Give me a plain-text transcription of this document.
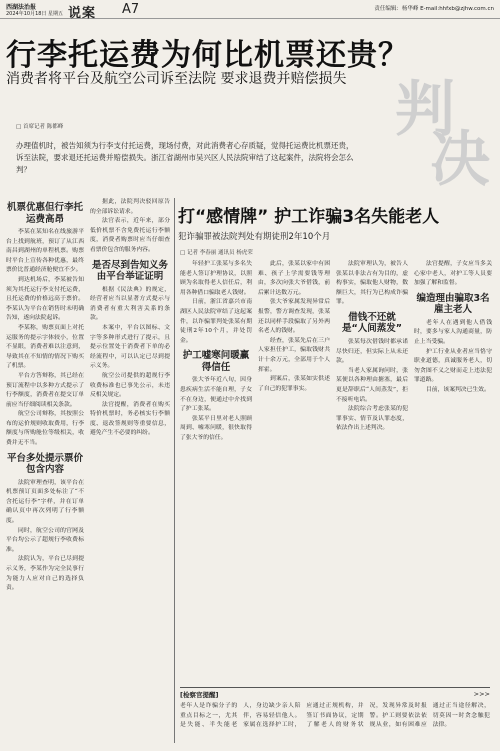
西湖法治报
2024年10月18日 星期五 说案 A7	责任编辑：杨华峰 E-mail:hhfxb@zjhw.com.cn
行李托运费为何比机票还贵？
消费者将平台及航空公司诉至法院 要求退费并赔偿损失 判
决
□ 首席记者 陈都峰
办理值机时，被告知须为行李支付托运费，现场付费，对此消费者心存质疑，觉得托运费比机票还贵，诉至法院，要求退还托运费并赔偿损失。浙江省湖州市吴兴区人民法院审结了这起案件，法院将会怎么判？
机票优惠但行李托运费高昂

李某在某知名在线旅游平台上找到航班，预订了从江西南昌到湖州的单程机票。购票时平台上宣传各种优惠，最终票价比普通经济舱便宜不少。

到达机场后，李某被告知须为其托运行李支付托运费，且托运费的价格远高于票价。李某认为平台在销售时未明确告知，遂向法院起诉。

李某称，购票页面上对托运服务的提示字体较小，位置不显眼，消费者难以注意到，导致其在不知情的情况下购买了机票。

平台方答辩称，其已经在预订流程中以多种方式提示了行李额度，消费者在提交订单前应当仔细阅读相关条款。

航空公司辩称，其按照公布的运价规则收取费用，行李额度与所购舱位等级相关，收费并无不当。

平台多处提示票价包含内容

法院审理查明，该平台在机票预订页面多处标注了“不含托运行李”字样，并在订单确认页中再次列明了行李额度。

同时，航空公司的官网及平台均公示了超规行李收费标准。

法院认为，平台已尽到提示义务，李某作为完全民事行为能力人应对自己的选择负责。

据此，法院判决驳回原告的全部诉讼请求。

法官表示，近年来，部分低价机票不含免费托运行李额度，消费者购票时应当仔细查看票价包含的服务内容。

是否尽到告知义务由平台举证证明

根据《民法典》的规定，经营者应当以显著方式提示与消费者有重大利害关系的条款。

本案中，平台以图标、文字等多种形式进行了提示，且提示位置处于消费者下单的必经流程中，可以认定已尽到提示义务。

航空公司提供的超规行李收费标准也已事先公示，未违反相关规定。

法官提醒，消费者在购买特价机票时，务必核实行李额度、退改签规则等重要信息，避免产生不必要的纠纷。

打“感情牌” 护工诈骗3名失能老人
犯诈骗罪被法院判处有期徒刑2年10个月
□ 记者 李春丽 通讯员 杨虎荣

年轻护工张某与多名失能老人签订护理协议，以照顾为名取得老人信任后，利用各种借口骗取老人钱财。

日前，浙江省嘉兴市南湖区人民法院审结了这起案件，以诈骗罪判处张某有期徒刑2年10个月，并处罚金。

护工嘘寒问暖赢得信任

张大爷年近八旬，因身患疾病生活不能自理，子女不在身边，便通过中介找到了护工张某。

张某平日里对老人照顾周到、嘘寒问暖，很快取得了张大爷的信任。

此后，张某以家中有困难、孩子上学需要钱等理由，多次向张大爷借钱，前后累计达数万元。

张大爷家属发现异常后报警，警方调查发现，张某还以同样手段骗取了另外两名老人的钱财。

经查，张某先后在三户人家担任护工，骗取钱财共计十余万元，全部用于个人挥霍。

到案后，张某如实供述了自己的犯罪事实。

法院审理认为，被告人张某以非法占有为目的，虚构事实，骗取他人财物，数额巨大，其行为已构成诈骗罪。

借钱不还就是“人间蒸发”

张某每次借钱时都承诺尽快归还，但实际上从未还款。

当老人家属询问时，张某便以各种理由搪塞，最后更是辞职后“人间蒸发”，拒不接听电话。

法院综合考虑张某的犯罪事实、情节及认罪态度，依法作出上述判决。

法官提醒，子女应当多关心家中老人，对护工等人员要加强了解和监督。

编造理由骗取3名雇主老人

老年人在遇到他人借钱时，要多与家人沟通商量，防止上当受骗。

护工行业从业者应当恪守职业道德，真诚服务老人，切勿贪图不义之财而走上违法犯罪道路。

目前，该案判决已生效。

[检察官提醒]	>>>
老年人是诈骗分子的重点目标之一，尤其是失能、半失能老人，身边缺少亲人陪伴，容易轻信他人。家属在选择护工时，应通过正规机构，并签订书面协议，定期了解老人的财务状况，发现异常及时报警。护工则要依法依规从业，如有困难应通过正当途径解决，切莫因一时贪念触犯法律。
